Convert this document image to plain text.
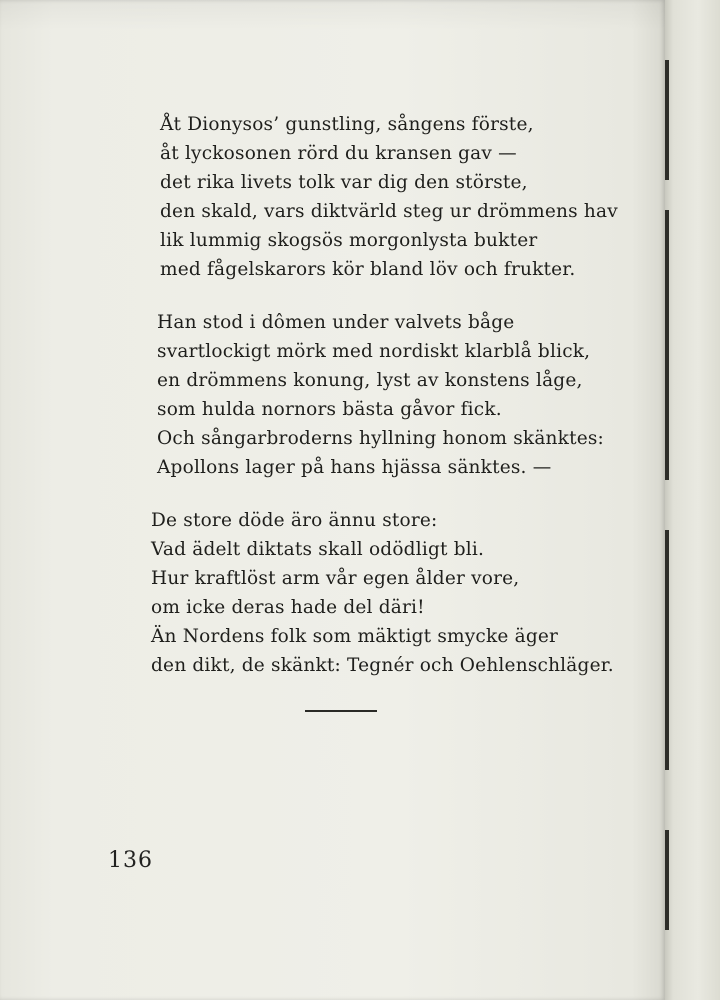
Åt Dionysos’ gunstling, sångens förste,
åt lyckosonen rörd du kransen gav —
det rika livets tolk var dig den störste,
den skald, vars diktvärld steg ur drömmens hav
lik lummig skogsös morgonlysta bukter
med fågelskarors kör bland löv och frukter.
Han stod i dômen under valvets båge
svartlockigt mörk med nordiskt klarblå blick,
en drömmens konung, lyst av konstens låge,
som hulda nornors bästa gåvor fick.
Och sångarbroderns hyllning honom skänktes:
Apollons lager på hans hjässa sänktes. —
De store döde äro ännu store:
Vad ädelt diktats skall odödligt bli.
Hur kraftlöst arm vår egen ålder vore,
om icke deras hade del däri!
Än Nordens folk som mäktigt smycke äger
den dikt, de skänkt: Tegnér och Oehlenschläger.
136
